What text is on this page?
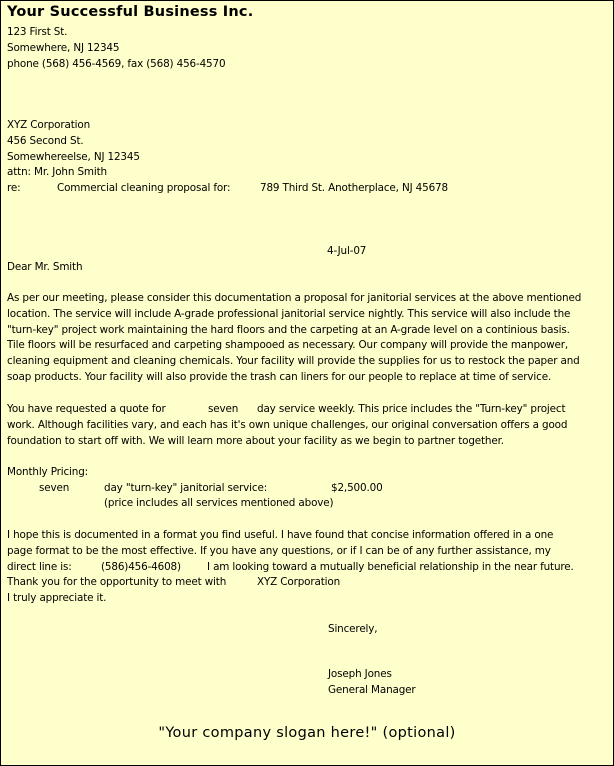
Your Successful Business Inc.
123 First St.
Somewhere, NJ 12345
phone (568) 456-4569, fax (568) 456-4570
XYZ Corporation
456 Second St.
Somewhereelse, NJ 12345
attn: Mr. John Smith
re:	Commercial cleaning proposal for:	789 Third St. Anotherplace, NJ 45678
4-Jul-07
Dear Mr. Smith
As per our meeting, please consider this documentation a proposal for janitorial services at the above mentioned
location. The service will include A-grade professional janitorial service nightly. This service will also include the
"turn-key" project work maintaining the hard floors and the carpeting at an A-grade level on a continious basis.
Tile floors will be resurfaced and carpeting shampooed as necessary. Our company will provide the manpower,
cleaning equipment and cleaning chemicals. Your facility will provide the supplies for us to restock the paper and
soap products. Your facility will also provide the trash can liners for our people to replace at time of service.
You have requested a quote for	seven day service weekly. This price includes the "Turn-key" project
work. Although facilities vary, and each has it's own unique challenges, our original conversation offers a good
foundation to start off with. We will learn more about your facility as we begin to partner together.
Monthly Pricing:
seven	day "turn-key" janitorial service:	$2,500.00
(price includes all services mentioned above)
I hope this is documented in a format you find useful. I have found that concise information offered in a one
page format to be the most effective. If you have any questions, or if I can be of any further assistance, my
direct line is:	(586)456-4608)	I am looking toward a mutually beneficial relationship in the near future.
Thank you for the opportunity to meet with	XYZ Corporation
I truly appreciate it.
Sincerely,
Joseph Jones
General Manager
"Your company slogan here!" (optional)
